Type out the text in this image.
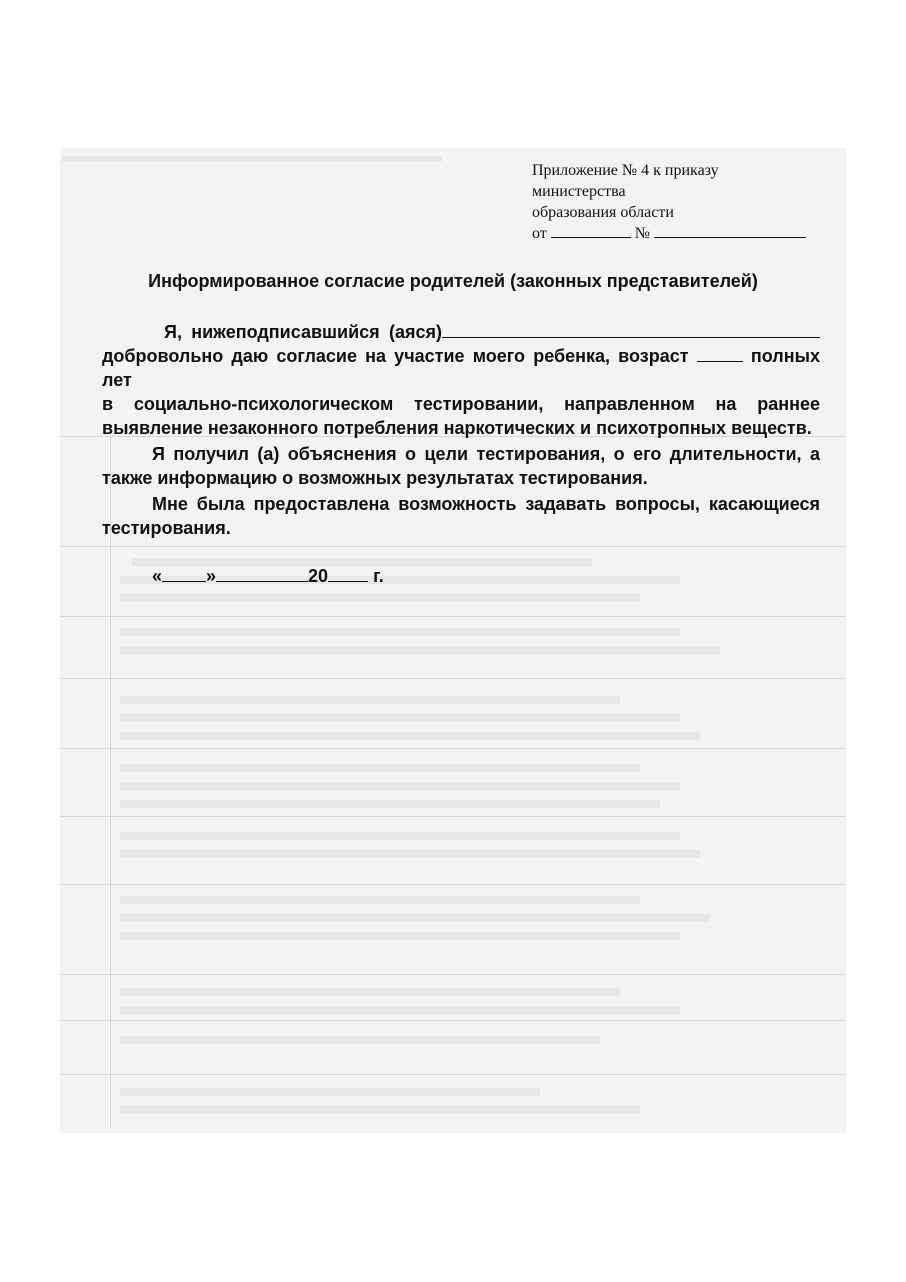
Приложение № 4 к приказу
министерства
образования области
от	№
Информированное согласие родителей (законных представителей)
Я, нижеподписавшийся (аяся)
добровольно даю согласие на участие моего ребенка, возраст	полных лет
в социально-психологическом тестировании, направленном на раннее выявление незаконного потребления наркотических и психотропных веществ.
Я получил (а) объяснения о цели тестирования, о его длительности, а также информацию о возможных результатах тестирования.
Мне была предоставлена возможность задавать вопросы, касающиеся тестирования.
« »	20	г.
